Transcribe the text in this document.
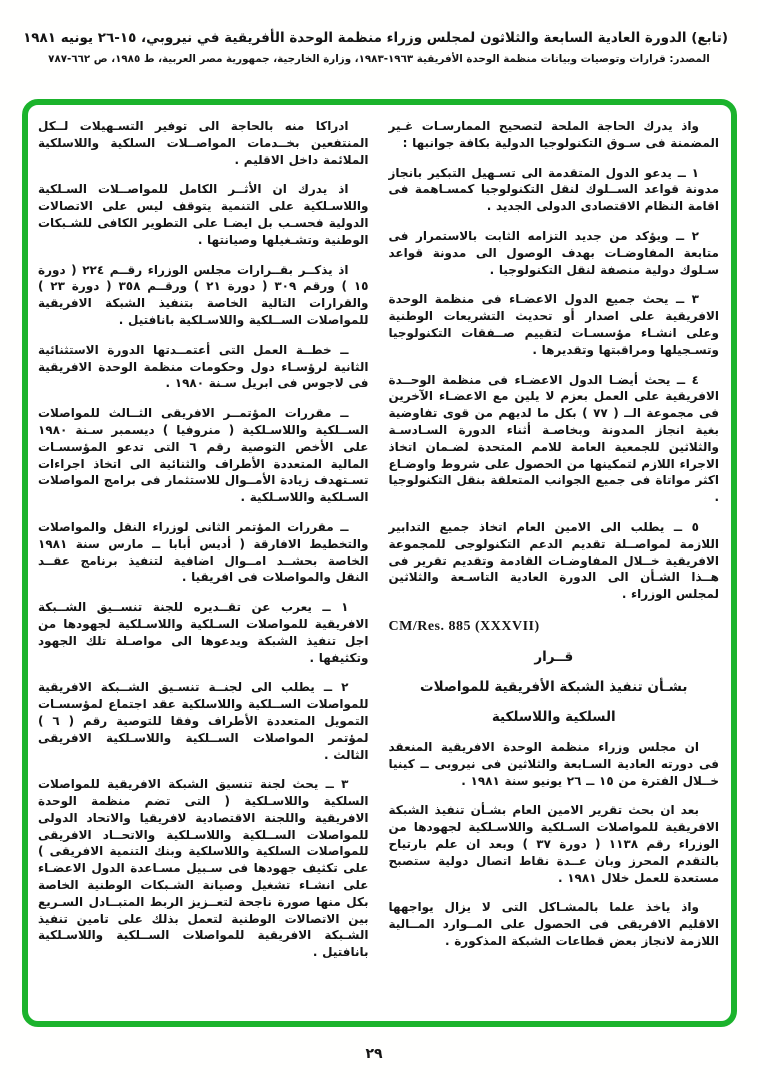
(تابع) الدورة العادية السابعة والثلاثون لمجلس وزراء منظمة الوحدة الأفريقية في نيروبي، ١٥-٢٦ يونيه ١٩٨١
المصدر: قرارات وتوصيات وبيانات منظمة الوحدة الأفريقية ١٩٦٣-١٩٨٣، وزارة الخارجية، جمهورية مصر العربية، ط ١٩٨٥، ص ٦٦٢-٧٨٧
واذ يدرك الحاجة الملحة لتصحيح الممارسـات غـير المضمنة فى سـوق التكنولوجيا الدولية بكافة جوانبها :
١ ــ يدعو الدول المتقدمة الى تسـهيل التبكير بانجاز مدونة قواعد الســلوك لنقل التكنولوجيا كمسـاهمة فى اقامة النظام الاقتصادى الدولى الجديد .
٢ ــ ويؤكد من جديد التزامه الثابت بالاستمرار فى متابعة المفاوضـات بهدف الوصول الى مدونة قواعد سـلوك دولية منصفة لنقل التكنولوجيا .
٣ ــ يحث جميع الدول الاعضـاء فى منظمة الوحدة الافريقية على اصدار أو تحديث التشريعات الوطنية وعلى انشـاء مؤسسـات لتقييم صــفقات التكنولوجيا وتسـجيلها ومراقبتها وتقديرها .
٤ ــ يحث أيضـا الدول الاعضـاء فى منظمة الوحــدة الافريقية على العمل بعزم لا يلين مع الاعضـاء الآخرين فى مجموعة الــ ( ٧٧ ) بكل ما لديهم من قوى تفاوضية بغية انجاز المدونة وبخاصـة أثناء الدورة السـادسـة والثلاثين للجمعية العامة للامم المتحدة لضـمان اتخاذ الاجراء اللازم لتمكينها من الحصول على شروط واوضـاع اكثر مواتاة فى جميع الجوانب المتعلقة بنقل التكنولوجيا .
٥ ــ يطلب الى الامين العام اتخاذ جميع التدابير اللازمة لمواصــلة تقديم الدعم التكنولوجى للمجموعة الافريقية خــلال المفاوضـات القادمة وتقديم تقرير فى هــذا الشـأن الى الدورة العادية التاسـعة والثلاثين لمجلس الوزراء .
CM/Res. 885 (XXXVII)
قــرار
بشـأن تنفيذ الشبكة الأفريقية للمواصلات
السلكية واللاسلكية
ان مجلس وزراء منظمة الوحدة الافريقية المنعقد فى دورته العادية السـابعة والثلاثين فى نيروبى ــ كينيا خــلال الفترة من ١٥ ــ ٢٦ يونيو سنة ١٩٨١ .
بعد ان بحث تقرير الامين العام بشـأن تنفيذ الشبكة الافريقية للمواصلات السـلكية واللاسـلكية لجهودها من الوزراء رقم ١١٣٨ ( دورة ٣٧ ) وبعد ان علم بارتياح بالتقدم المحرز وبان عــدة نقاط اتصال دولية ستصبح مستعدة للعمل خلال ١٩٨١ .
واذ ياخذ علما بالمشـاكل التى لا يزال يواجهها الاقليم الافريقى فى الحصول على المــوارد المــالية اللازمة لانجاز بعض قطاعات الشبكة المذكورة .
ادراكا منه بالحاجة الى توفير التسـهيلات لــكل المنتفعين بخــدمات المواصــلات السلكية واللاسلكية الملائمة داخل الاقليم .
اذ يدرك ان الأثــر الكامل للمواصــلات السـلكية واللاسـلكية على التنمية يتوقف ليس على الاتصالات الدولية فحسـب بل ايضـا على التطوير الكافى للشـبكات الوطنية وتشـغيلها وصيانتها .
اذ يذكــر بقــرارات مجلس الوزراء رقــم ٢٢٤ ( دورة ١٥ ) ورقم ٣٠٩ ( دورة ٢١ ) ورقــم ٣٥٨ ( دورة ٢٣ ) والقرارات التالية الخاصة بتنفيذ الشبكة الافريقية للمواصلات الســلكية واللاسـلكية بانافتيل .
ــ خطــة العمل التى أعتمــدتها الدورة الاستثنائية الثانية لرؤسـاء دول وحكومات منظمة الوحدة الافريقية فى لاجوس فى ابريل سـنة ١٩٨٠ .
ــ مقررات المؤتمــر الافريقى الثــالث للمواصلات الســلكية واللاسـلكية ( منروفيا ) ديسمبر سـنة ١٩٨٠ على الأخص التوصية رقم ٦ التى تدعو المؤسسـات المالية المتعددة الأطراف والثنائية الى اتخاذ اجراءات تسـتهدف زيادة الأمــوال للاستثمار فى برامج المواصلات السـلكية واللاسـلكية .
ــ مقررات المؤتمر الثانى لوزراء النقل والمواصلات والتخطيط الافارقة ( أديس أبابا ــ مارس سنة ١٩٨١ الخاصة بحشــد امــوال اضافية لتنفيذ برنامج عقــد النقل والمواصلات فى افريقيا .
١ ــ يعرب عن تقــديره للجنة تنســيق الشــبكة الافريقية للمواصلات السـلكية واللاسـلكية لجهودها من اجل تنفيذ الشبكة ويدعوها الى مواصـلة تلك الجهود وتكثيفها .
٢ ــ يطلب الى لجنــة تنسـيق الشــبكة الافريقية للمواصلات الســلكية واللاسلكية عقد اجتماع لمؤسسـات التمويل المتعددة الأطراف وفقا للتوصية رقم ( ٦ ) لمؤتمر المواصلات الســلكية واللاسـلكية الافريقى الثالث .
٣ ــ يحث لجنة تنسيق الشبكة الافريقية للمواصلات السلكية واللاسـلكية ( التى تضم منظمة الوحدة الافريقية واللجنة الاقتصادية لافريقيا والاتحاد الدولى للمواصلات الســلكية واللاسـلكية والاتحــاد الافريقى للمواصلات السلكية واللاسلكية وبنك التنمية الافريقى ) على تكثيف جهودها فى سـبيل مسـاعدة الدول الاعضـاء على انشـاء تشغيل وصيانة الشـبكات الوطنية الخاصة بكل منها صورة ناجحة لتعــزيز الربط المتبــادل السـريع بين الاتصالات الوطنية لتعمل بذلك على تامين تنفيذ الشـبكة الافريقية للمواصلات الســلكية واللاسـلكية بانافتيل .
٢٩
